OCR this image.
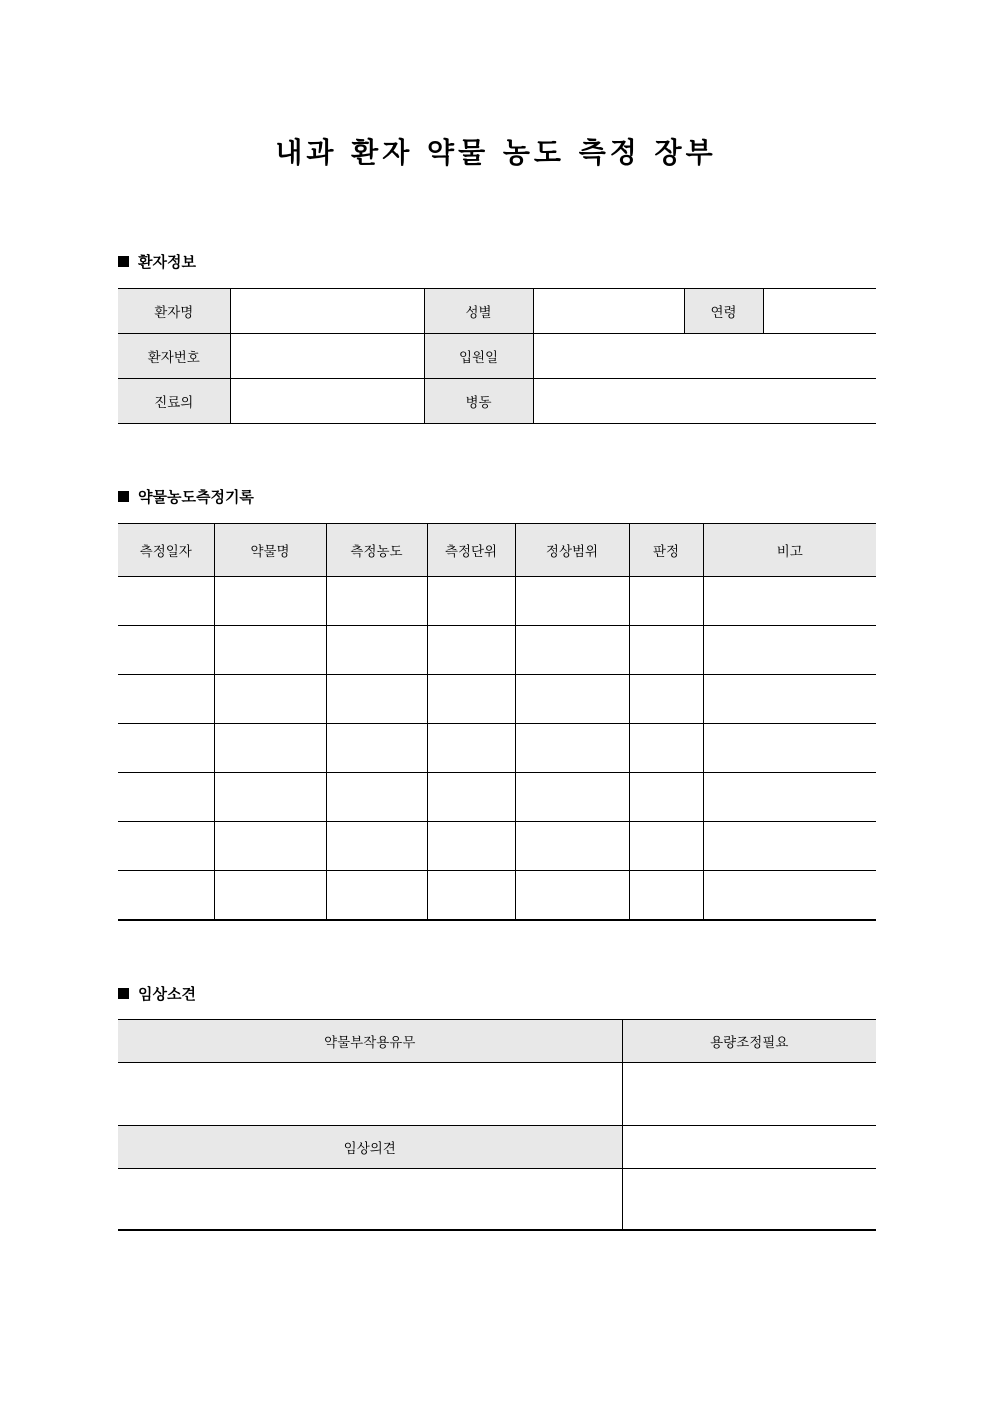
내과 환자 약물 농도 측정 장부
환자정보
환자명		성별		연령	
환자번호		입원일			
진료의		병동			
약물농도측정기록
측정일자	약물명	측정농도	측정단위	정상범위	판정	비고

임상소견
약물부작용유무	용량조정필요

임상의견	
